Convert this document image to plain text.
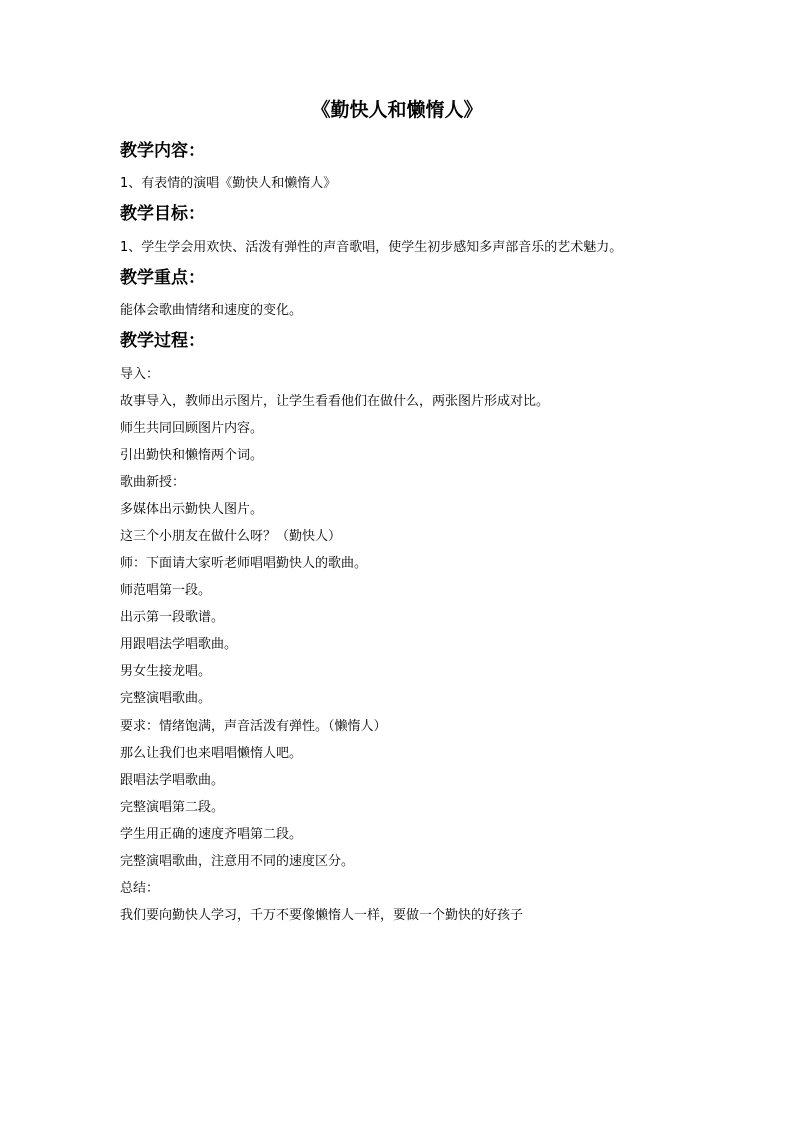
《勤快人和懒惰人》
教学内容：
1、有表情的演唱《勤快人和懒惰人》
教学目标：
1、学生学会用欢快、活泼有弹性的声音歌唱，使学生初步感知多声部音乐的艺术魅力。
教学重点：
能体会歌曲情绪和速度的变化。
教学过程：
导入：
故事导入，教师出示图片，让学生看看他们在做什么，两张图片形成对比。
师生共同回顾图片内容。
引出勤快和懒惰两个词。
歌曲新授：
多媒体出示勤快人图片。
这三个小朋友在做什么呀？（勤快人）
师：下面请大家听老师唱唱勤快人的歌曲。
师范唱第一段。
出示第一段歌谱。
用跟唱法学唱歌曲。
男女生接龙唱。
完整演唱歌曲。
要求：情绪饱满，声音活泼有弹性。（懒惰人）
那么让我们也来唱唱懒惰人吧。
跟唱法学唱歌曲。
完整演唱第二段。
学生用正确的速度齐唱第二段。
完整演唱歌曲，注意用不同的速度区分。
总结：
我们要向勤快人学习，千万不要像懒惰人一样，要做一个勤快的好孩子
